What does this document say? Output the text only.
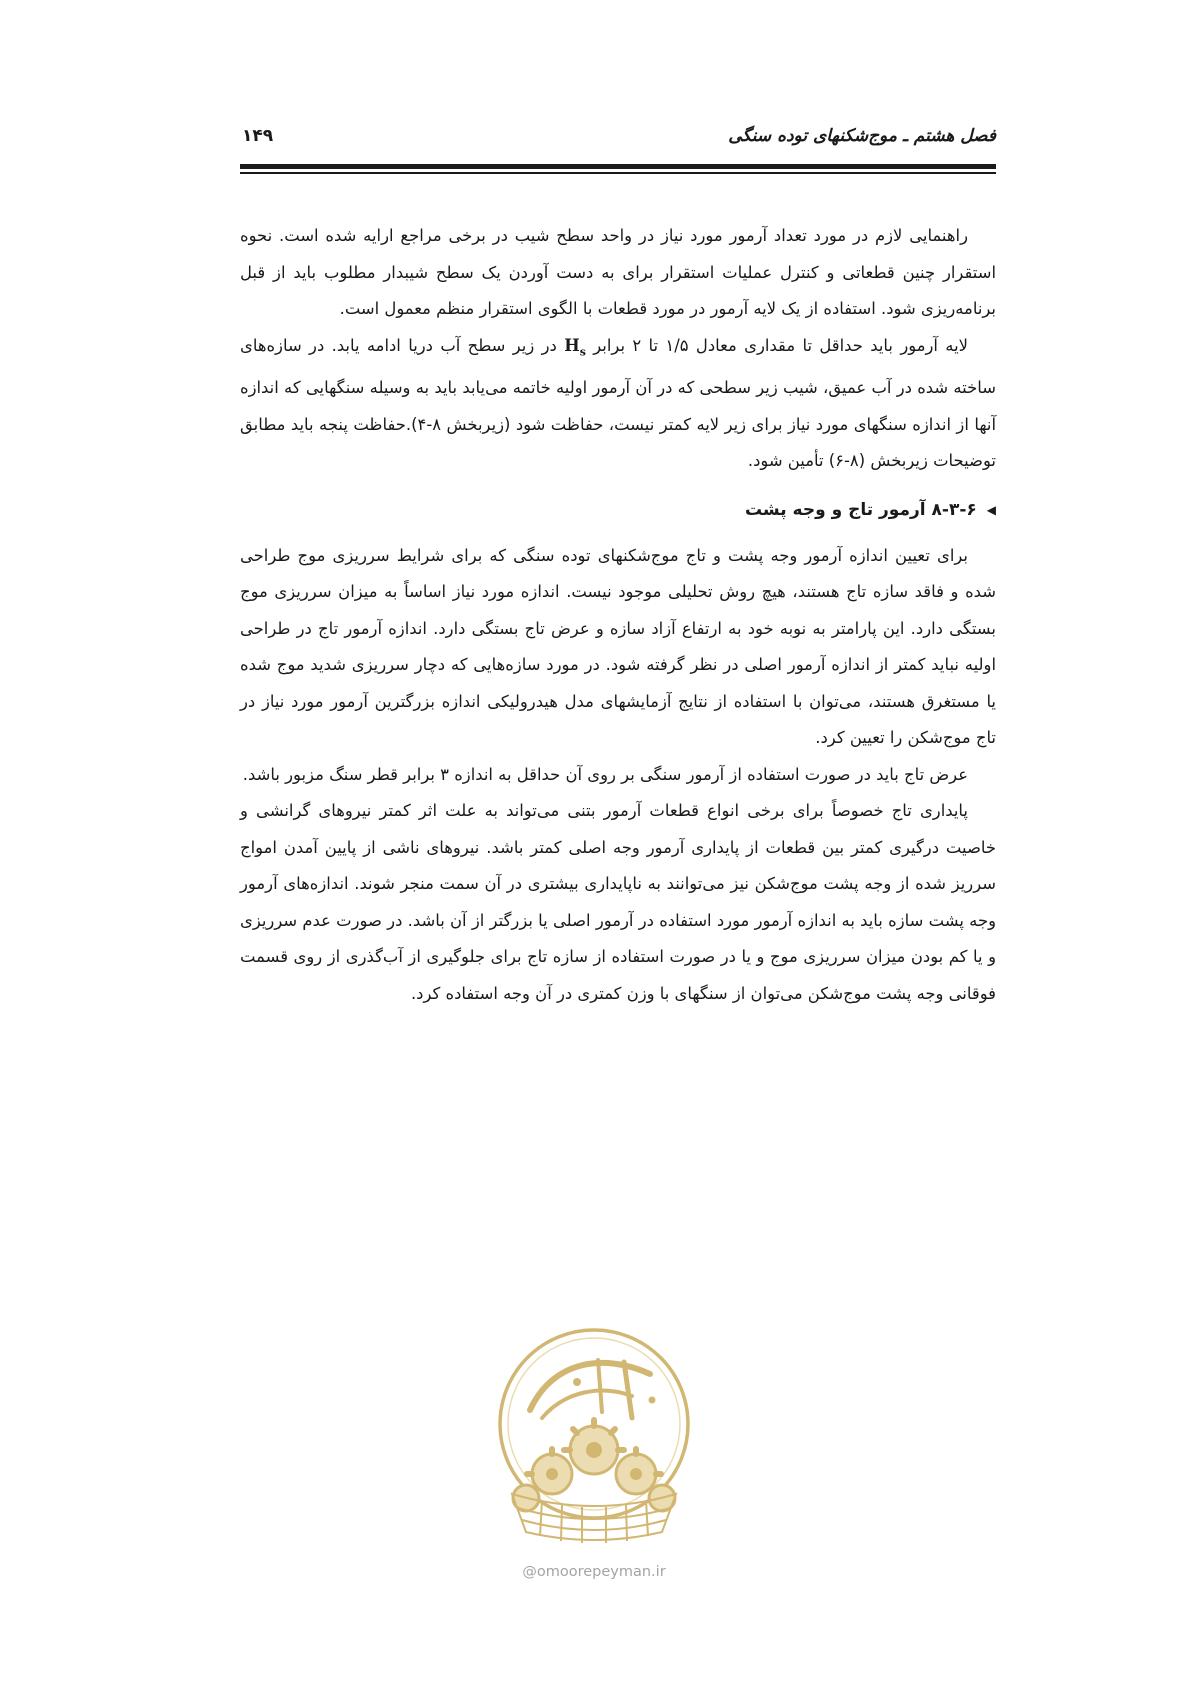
فصل هشتم ـ موج‌شکنهای توده سنگی
۱۴۹

راهنمایی لازم در مورد تعداد آرمور مورد نیاز در واحد سطح شیب در برخی مراجع ارایه شده است. نحوه استقرار چنین قطعاتی و کنترل عملیات استقرار برای به دست آوردن یک سطح شیبدار مطلوب باید از قبل برنامه‌ریزی شود. استفاده از یک لایه آرمور در مورد قطعات با الگوی استقرار منظم معمول است.

لایه آرمور باید حداقل تا مقداری معادل ۱/۵ تا ۲ برابر $H_s$ در زیر سطح آب دریا ادامه یابد. در سازه‌های ساخته شده در آب عمیق، شیب زیر سطحی که در آن آرمور اولیه خاتمه می‌یابد باید به وسیله سنگهایی که اندازه آنها از اندازه سنگهای مورد نیاز برای زیر لایه کمتر نیست، حفاظت شود (زیربخش ۸-۴).حفاظت پنجه باید مطابق توضیحات زیربخش (۸-۶) تأمین شود.

◀۸-۳-۶ آرمور تاج و وجه پشت

برای تعیین اندازه آرمور وجه پشت و تاج موج‌شکنهای توده سنگی که برای شرایط سرریزی موج طراحی شده و فاقد سازه تاج هستند، هیچ روش تحلیلی موجود نیست. اندازه مورد نیاز اساساً به میزان سرریزی موج بستگی دارد. این پارامتر به نوبه خود به ارتفاع آزاد سازه و عرض تاج بستگی دارد. اندازه آرمور تاج در طراحی اولیه نباید کمتر از اندازه آرمور اصلی در نظر گرفته شود. در مورد سازه‌هایی که دچار سرریزی شدید موج شده یا مستغرق هستند، می‌توان با استفاده از نتایج آزمایشهای مدل هیدرولیکی اندازه بزرگترین آرمور مورد نیاز در تاج موج‌شکن را تعیین کرد.

عرض تاج باید در صورت استفاده از آرمور سنگی بر روی آن حداقل به اندازه ۳ برابر قطر سنگ مزبور باشد.

پایداری تاج خصوصاً برای برخی انواع قطعات آرمور بتنی می‌تواند به علت اثر کمتر نیروهای گرانشی و خاصیت درگیری کمتر بین قطعات از پایداری آرمور وجه اصلی کمتر باشد. نیروهای ناشی از پایین آمدن امواج سرریز شده از وجه پشت موج‌شکن نیز می‌توانند به ناپایداری بیشتری در آن سمت منجر شوند. اندازه‌های آرمور وجه پشت سازه باید به اندازه آرمور مورد استفاده در آرمور اصلی یا بزرگتر از آن باشد. در صورت عدم سرریزی و یا کم بودن میزان سرریزی موج و یا در صورت استفاده از سازه تاج برای جلوگیری از آب‌گذری از روی قسمت فوقانی وجه پشت موج‌شکن می‌توان از سنگهای با وزن کمتری در آن وجه استفاده کرد.

@omoorepeyman.ir
